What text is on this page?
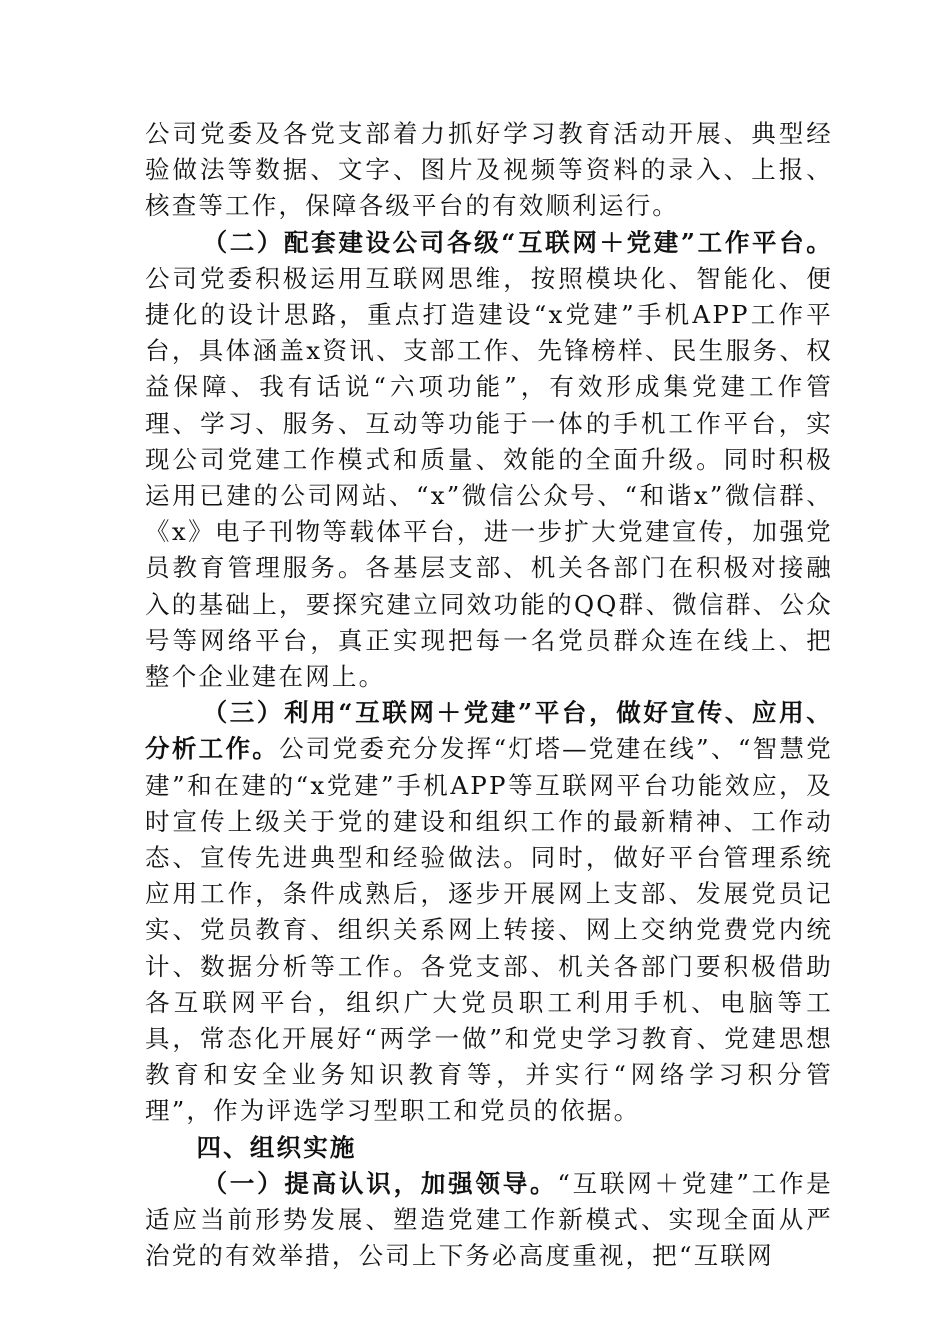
公司党委及各党支部着力抓好学习教育活动开展、典型经验做法等数据、文字、图片及视频等资料的录入、上报、核查等工作，保障各级平台的有效顺利运行。

（二）配套建设公司各级“互联网＋党建”工作平台。公司党委积极运用互联网思维，按照模块化、智能化、便捷化的设计思路，重点打造建设“x党建”手机APP工作平台，具体涵盖x资讯、支部工作、先锋榜样、民生服务、权益保障、我有话说“六项功能”，有效形成集党建工作管理、学习、服务、互动等功能于一体的手机工作平台，实现公司党建工作模式和质量、效能的全面升级。同时积极运用已建的公司网站、“x”微信公众号、“和谐x”微信群、《x》电子刊物等载体平台，进一步扩大党建宣传，加强党员教育管理服务。各基层支部、机关各部门在积极对接融入的基础上，要探究建立同效功能的QQ群、微信群、公众号等网络平台，真正实现把每一名党员群众连在线上、把整个企业建在网上。

（三）利用“互联网＋党建”平台，做好宣传、应用、分析工作。公司党委充分发挥“灯塔—党建在线”、“智慧党建”和在建的“x党建”手机APP等互联网平台功能效应，及时宣传上级关于党的建设和组织工作的最新精神、工作动态、宣传先进典型和经验做法。同时，做好平台管理系统应用工作，条件成熟后，逐步开展网上支部、发展党员记实、党员教育、组织关系网上转接、网上交纳党费党内统计、数据分析等工作。各党支部、机关各部门要积极借助各互联网平台，组织广大党员职工利用手机、电脑等工具，常态化开展好“两学一做”和党史学习教育、党建思想教育和安全业务知识教育等，并实行“网络学习积分管理”，作为评选学习型职工和党员的依据。

四、组织实施

（一）提高认识，加强领导。“互联网＋党建”工作是适应当前形势发展、塑造党建工作新模式、实现全面从严治党的有效举措，公司上下务必高度重视，把“互联网
